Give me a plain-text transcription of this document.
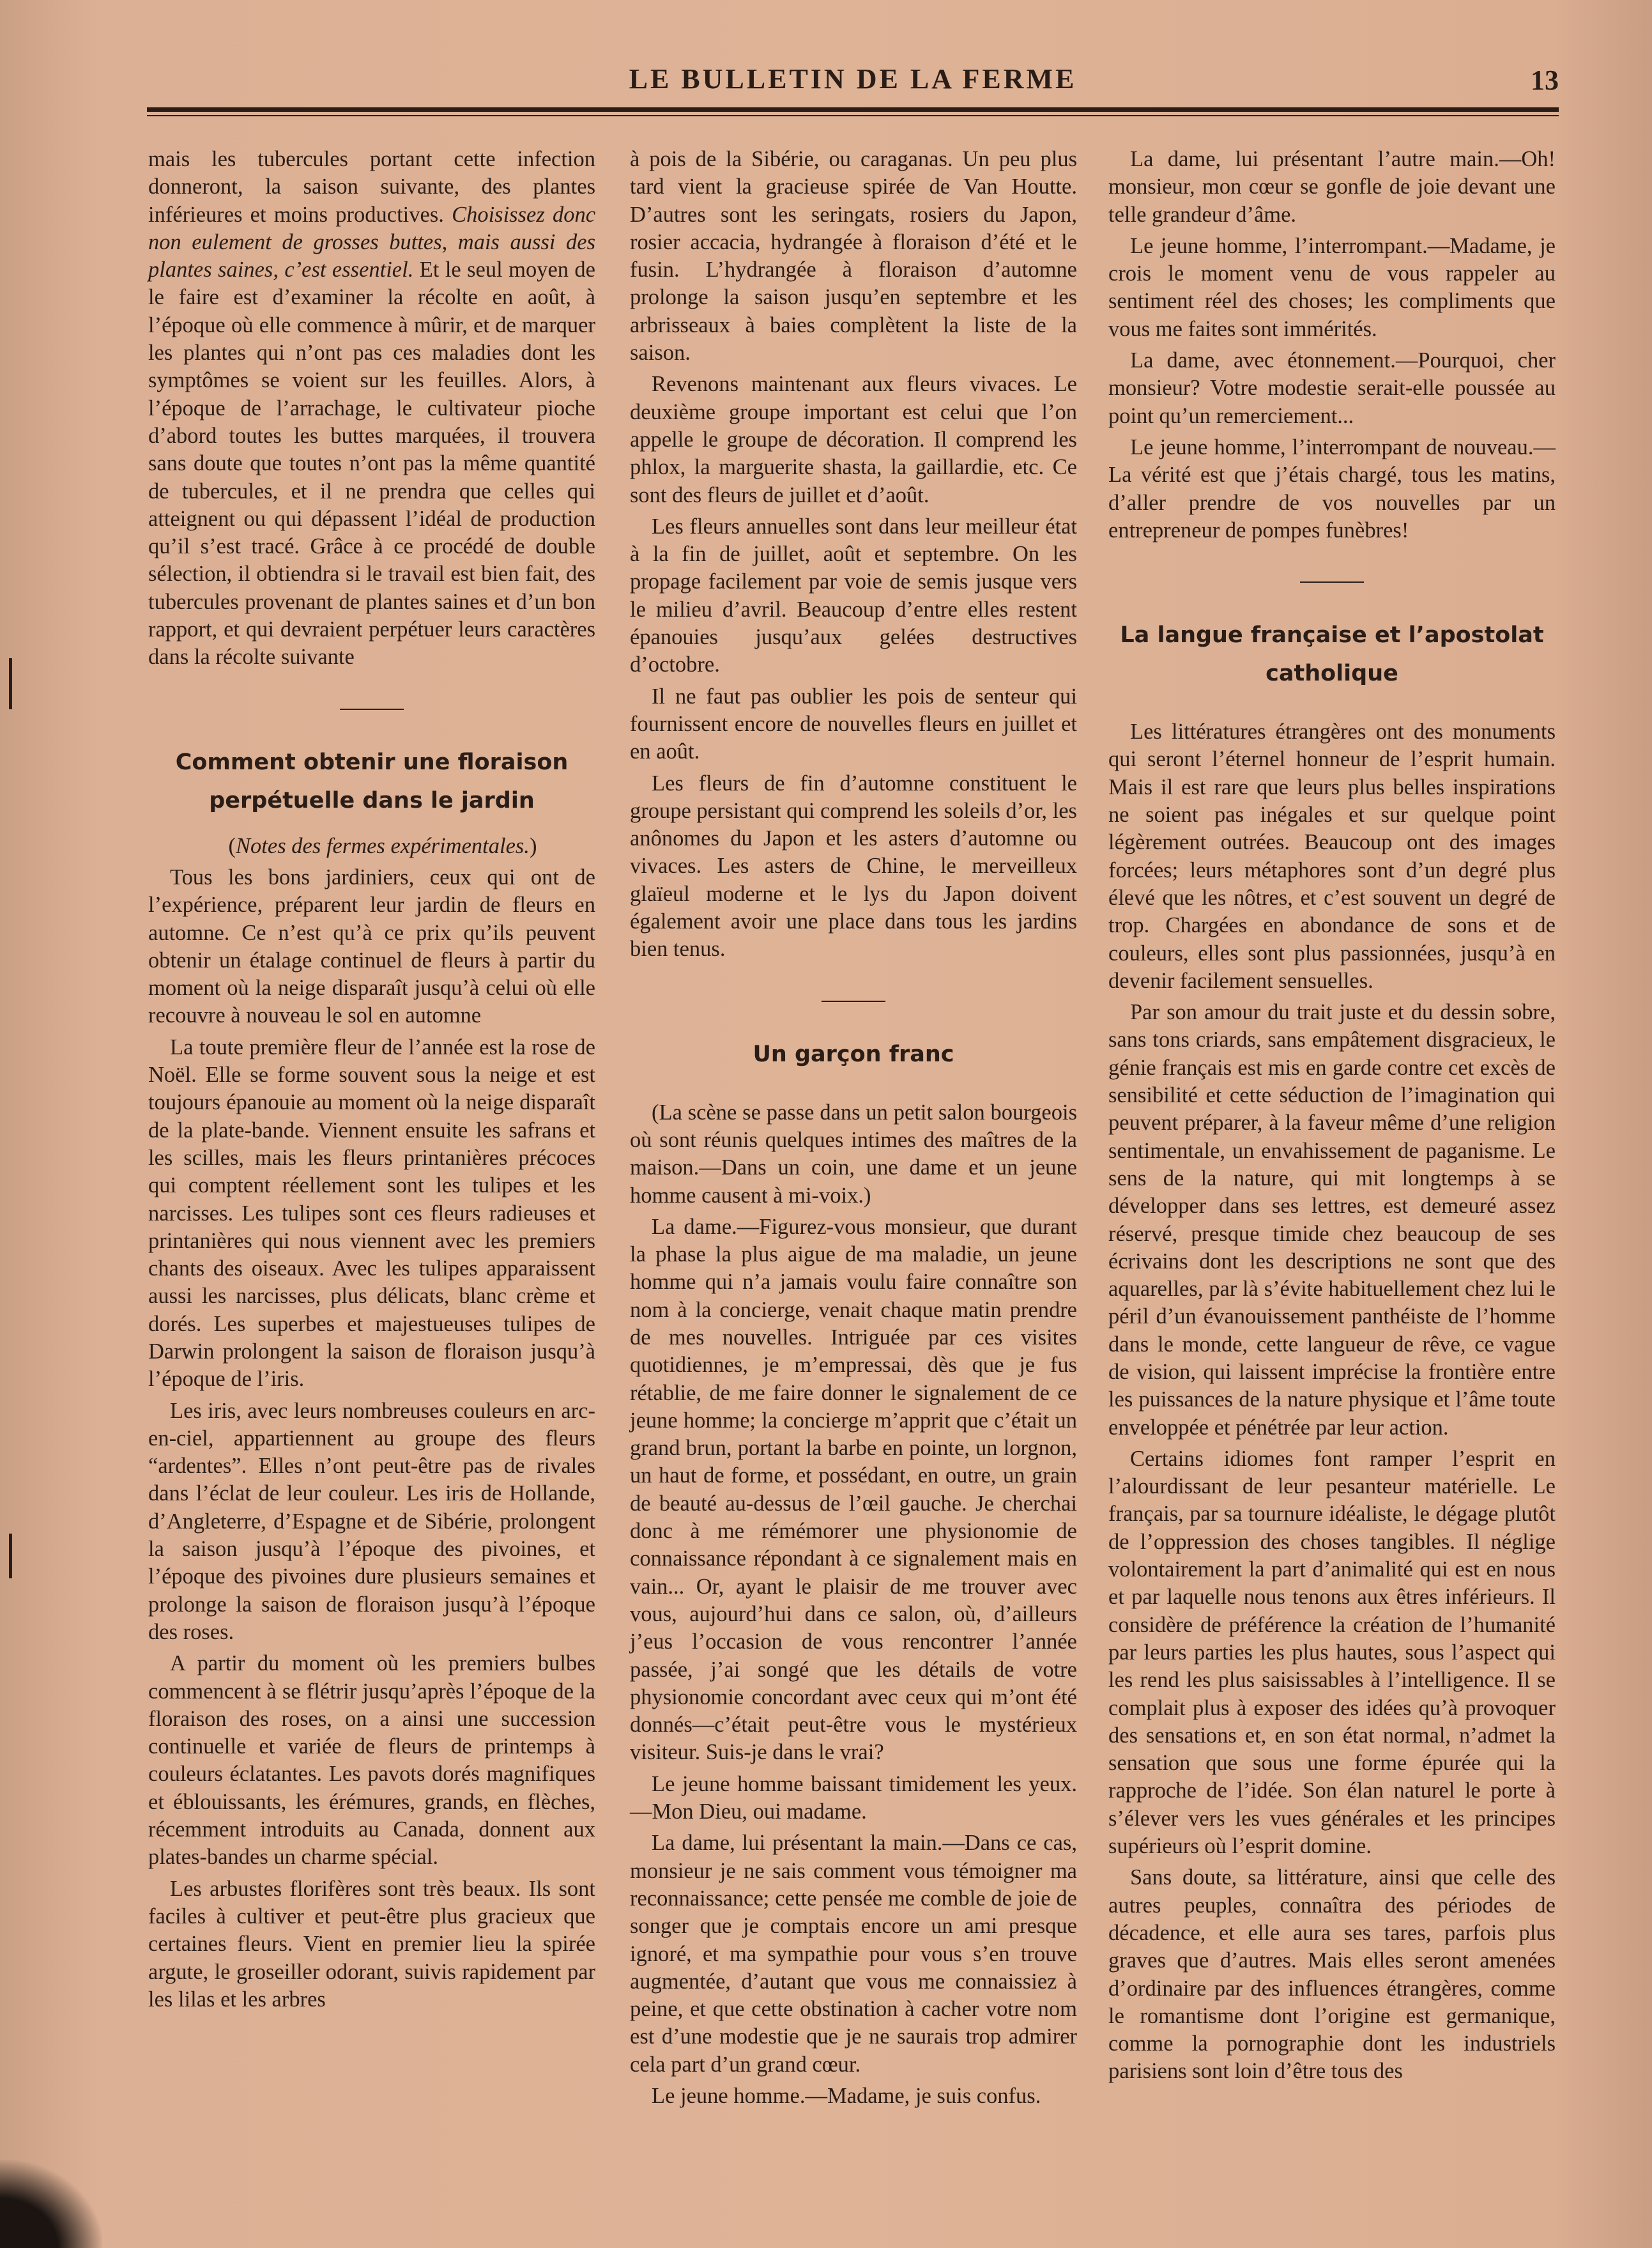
LE BULLETIN DE LA FERME	13

mais les tubercules portant cette infection donneront, la saison suivante, des plantes inférieures et moins productives. Choisissez donc non eulement de grosses buttes, mais aussi des plantes saines, c’est essentiel. Et le seul moyen de le faire est d’examiner la récolte en août, à l’époque où elle commence à mûrir, et de marquer les plantes qui n’ont pas ces maladies dont les symptômes se voient sur les feuilles. Alors, à l’époque de l’arrachage, le cultivateur pioche d’abord toutes les buttes marquées, il trouvera sans doute que toutes n’ont pas la même quantité de tubercules, et il ne prendra que celles qui atteignent ou qui dépassent l’idéal de production qu’il s’est tracé. Grâce à ce procédé de double sélection, il obtiendra si le travail est bien fait, des tubercules provenant de plantes saines et d’un bon rapport, et qui devraient perpétuer leurs caractères dans la récolte suivante

Comment obtenir une floraison perpétuelle dans le jardin

(Notes des fermes expérimentales.)

Tous les bons jardiniers, ceux qui ont de l’expérience, préparent leur jardin de fleurs en automne. Ce n’est qu’à ce prix qu’ils peuvent obtenir un étalage continuel de fleurs à partir du moment où la neige disparaît jusqu’à celui où elle recouvre à nouveau le sol en automne

La toute première fleur de l’année est la rose de Noël. Elle se forme souvent sous la neige et est toujours épanouie au moment où la neige disparaît de la plate-bande. Viennent ensuite les safrans et les scilles, mais les fleurs printanières précoces qui comptent réellement sont les tulipes et les narcisses. Les tulipes sont ces fleurs radieuses et printanières qui nous viennent avec les premiers chants des oiseaux. Avec les tulipes apparaissent aussi les narcisses, plus délicats, blanc crème et dorés. Les superbes et majestueuses tulipes de Darwin prolongent la saison de floraison jusqu’à l’époque de l’iris.

Les iris, avec leurs nombreuses couleurs en arc-en-ciel, appartiennent au groupe des fleurs “ardentes”. Elles n’ont peut-être pas de rivales dans l’éclat de leur couleur. Les iris de Hollande, d’Angleterre, d’Espagne et de Sibérie, prolongent la saison jusqu’à l’époque des pivoines, et l’époque des pivoines dure plusieurs semaines et prolonge la saison de floraison jusqu’à l’époque des roses.

A partir du moment où les premiers bulbes commencent à se flétrir jusqu’après l’époque de la floraison des roses, on a ainsi une succession continuelle et variée de fleurs de printemps à couleurs éclatantes. Les pavots dorés magnifiques et éblouissants, les érémures, grands, en flèches, récemment introduits au Canada, donnent aux plates-bandes un charme spécial.

Les arbustes florifères sont très beaux. Ils sont faciles à cultiver et peut-être plus gracieux que certaines fleurs. Vient en premier lieu la spirée argute, le groseiller odorant, suivis rapidement par les lilas et les arbres

à pois de la Sibérie, ou caraganas. Un peu plus tard vient la gracieuse spirée de Van Houtte. D’autres sont les seringats, rosiers du Japon, rosier accacia, hydrangée à floraison d’été et le fusin. L’hydrangée à floraison d’automne prolonge la saison jusqu’en septembre et les arbrisseaux à baies complètent la liste de la saison.

Revenons maintenant aux fleurs vivaces. Le deuxième groupe important est celui que l’on appelle le groupe de décoration. Il comprend les phlox, la marguerite shasta, la gaillardie, etc. Ce sont des fleurs de juillet et d’août.

Les fleurs annuelles sont dans leur meilleur état à la fin de juillet, août et septembre. On les propage facilement par voie de semis jusque vers le milieu d’avril. Beaucoup d’entre elles restent épanouies jusqu’aux gelées destructives d’octobre.

Il ne faut pas oublier les pois de senteur qui fournissent encore de nouvelles fleurs en juillet et en août.

Les fleurs de fin d’automne constituent le groupe persistant qui comprend les soleils d’or, les anônomes du Japon et les asters d’automne ou vivaces. Les asters de Chine, le merveilleux glaïeul moderne et le lys du Japon doivent également avoir une place dans tous les jardins bien tenus.

Un garçon franc

(La scène se passe dans un petit salon bourgeois où sont réunis quelques intimes des maîtres de la maison.—Dans un coin, une dame et un jeune homme causent à mi-voix.)

La dame.—Figurez-vous monsieur, que durant la phase la plus aigue de ma maladie, un jeune homme qui n’a jamais voulu faire connaître son nom à la concierge, venait chaque matin prendre de mes nouvelles. Intriguée par ces visites quotidiennes, je m’empressai, dès que je fus rétablie, de me faire donner le signalement de ce jeune homme; la concierge m’apprit que c’était un grand brun, portant la barbe en pointe, un lorgnon, un haut de forme, et possédant, en outre, un grain de beauté au-dessus de l’œil gauche. Je cherchai donc à me rémémorer une physionomie de connaissance répondant à ce signalement mais en vain... Or, ayant le plaisir de me trouver avec vous, aujourd’hui dans ce salon, où, d’ailleurs j’eus l’occasion de vous rencontrer l’année passée, j’ai songé que les détails de votre physionomie concordant avec ceux qui m’ont été donnés—c’était peut-être vous le mystérieux visiteur. Suis-je dans le vrai?

Le jeune homme baissant timidement les yeux.—Mon Dieu, oui madame.

La dame, lui présentant la main.—Dans ce cas, monsieur je ne sais comment vous témoigner ma reconnaissance; cette pensée me comble de joie de songer que je comptais encore un ami presque ignoré, et ma sympathie pour vous s’en trouve augmentée, d’autant que vous me connaissiez à peine, et que cette obstination à cacher votre nom est d’une modestie que je ne saurais trop admirer cela part d’un grand cœur.

Le jeune homme.—Madame, je suis confus.

La dame, lui présentant l’autre main.—Oh! monsieur, mon cœur se gonfle de joie devant une telle grandeur d’âme.

Le jeune homme, l’interrompant.—Madame, je crois le moment venu de vous rappeler au sentiment réel des choses; les compliments que vous me faites sont immérités.

La dame, avec étonnement.—Pourquoi, cher monsieur? Votre modestie serait-elle poussée au point qu’un remerciement...

Le jeune homme, l’interrompant de nouveau.—La vérité est que j’étais chargé, tous les matins, d’aller prendre de vos nouvelles par un entrepreneur de pompes funèbres!

La langue française et l’apostolat catholique

Les littératures étrangères ont des monuments qui seront l’éternel honneur de l’esprit humain. Mais il est rare que leurs plus belles inspirations ne soient pas inégales et sur quelque point légèrement outrées. Beaucoup ont des images forcées; leurs métaphores sont d’un degré plus élevé que les nôtres, et c’est souvent un degré de trop. Chargées en abondance de sons et de couleurs, elles sont plus passionnées, jusqu’à en devenir facilement sensuelles.

Par son amour du trait juste et du dessin sobre, sans tons criards, sans empâtement disgracieux, le génie français est mis en garde contre cet excès de sensibilité et cette séduction de l’imagination qui peuvent préparer, à la faveur même d’une religion sentimentale, un envahissement de paganisme. Le sens de la nature, qui mit longtemps à se développer dans ses lettres, est demeuré assez réservé, presque timide chez beaucoup de ses écrivains dont les descriptions ne sont que des aquarelles, par là s’évite habituellement chez lui le péril d’un évanouissement panthéiste de l’homme dans le monde, cette langueur de rêve, ce vague de vision, qui laissent imprécise la frontière entre les puissances de la nature physique et l’âme toute enveloppée et pénétrée par leur action.

Certains idiomes font ramper l’esprit en l’alourdissant de leur pesanteur matérielle. Le français, par sa tournure idéaliste, le dégage plutôt de l’oppression des choses tangibles. Il néglige volontairement la part d’animalité qui est en nous et par laquelle nous tenons aux êtres inférieurs. Il considère de préférence la création de l’humanité par leurs parties les plus hautes, sous l’aspect qui les rend les plus saisissables à l’intelligence. Il se complait plus à exposer des idées qu’à provoquer des sensations et, en son état normal, n’admet la sensation que sous une forme épurée qui la rapproche de l’idée. Son élan naturel le porte à s’élever vers les vues générales et les principes supérieurs où l’esprit domine.

Sans doute, sa littérature, ainsi que celle des autres peuples, connaîtra des périodes de décadence, et elle aura ses tares, parfois plus graves que d’autres. Mais elles seront amenées d’ordinaire par des influences étrangères, comme le romantisme dont l’origine est germanique, comme la pornographie dont les industriels parisiens sont loin d’être tous des
